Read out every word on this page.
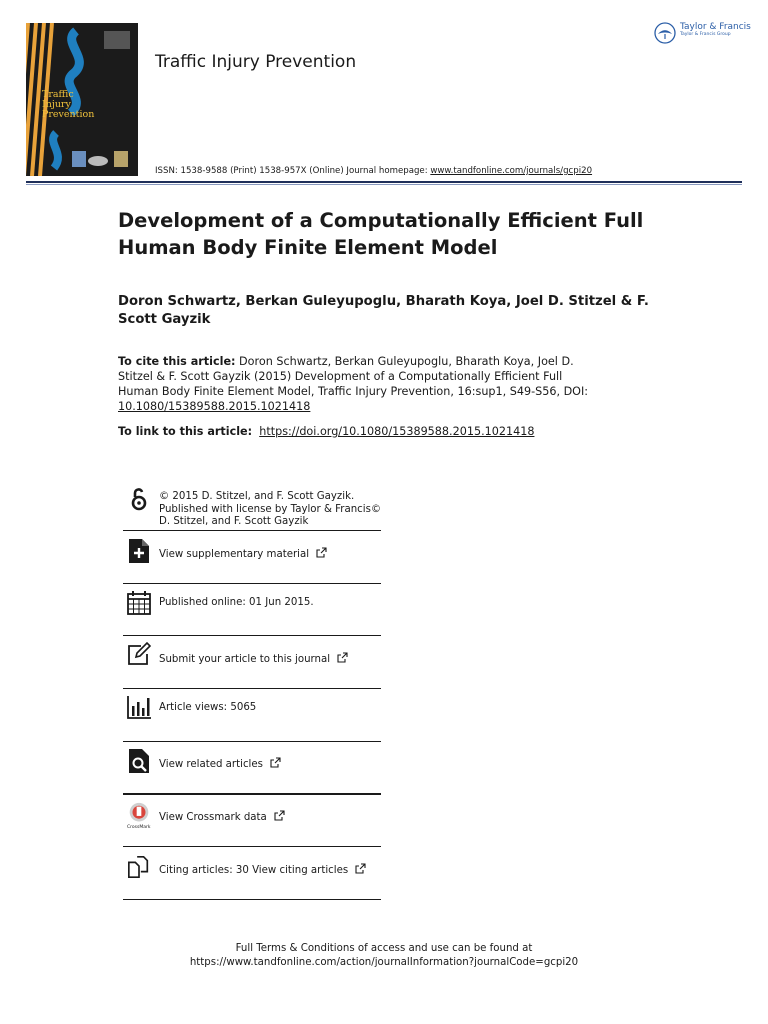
Traffic
Injury
Prevention
Traffic Injury Prevention
Taylor & Francis
Taylor & Francis Group
ISSN: 1538-9588 (Print) 1538-957X (Online) Journal homepage: www.tandfonline.com/journals/gcpi20
Development of a Computationally Efficient Full Human Body Finite Element Model
Doron Schwartz, Berkan Guleyupoglu, Bharath Koya, Joel D. Stitzel & F. Scott Gayzik
To cite this article: Doron Schwartz, Berkan Guleyupoglu, Bharath Koya, Joel D. Stitzel & F. Scott Gayzik (2015) Development of a Computationally Efficient Full Human Body Finite Element Model, Traffic Injury Prevention, 16:sup1, S49-S56, DOI: 10.1080/15389588.2015.1021418
To link to this article: https://doi.org/10.1080/15389588.2015.1021418
© 2015 D. Stitzel, and F. Scott Gayzik.
Published with license by Taylor & Francis©
D. Stitzel, and F. Scott Gayzik
View supplementary material
Published online: 01 Jun 2015.
Submit your article to this journal
Article views: 5065
View related articles
CrossMark
View Crossmark data
Citing articles: 30 View citing articles
Full Terms & Conditions of access and use can be found at
https://www.tandfonline.com/action/journalInformation?journalCode=gcpi20
